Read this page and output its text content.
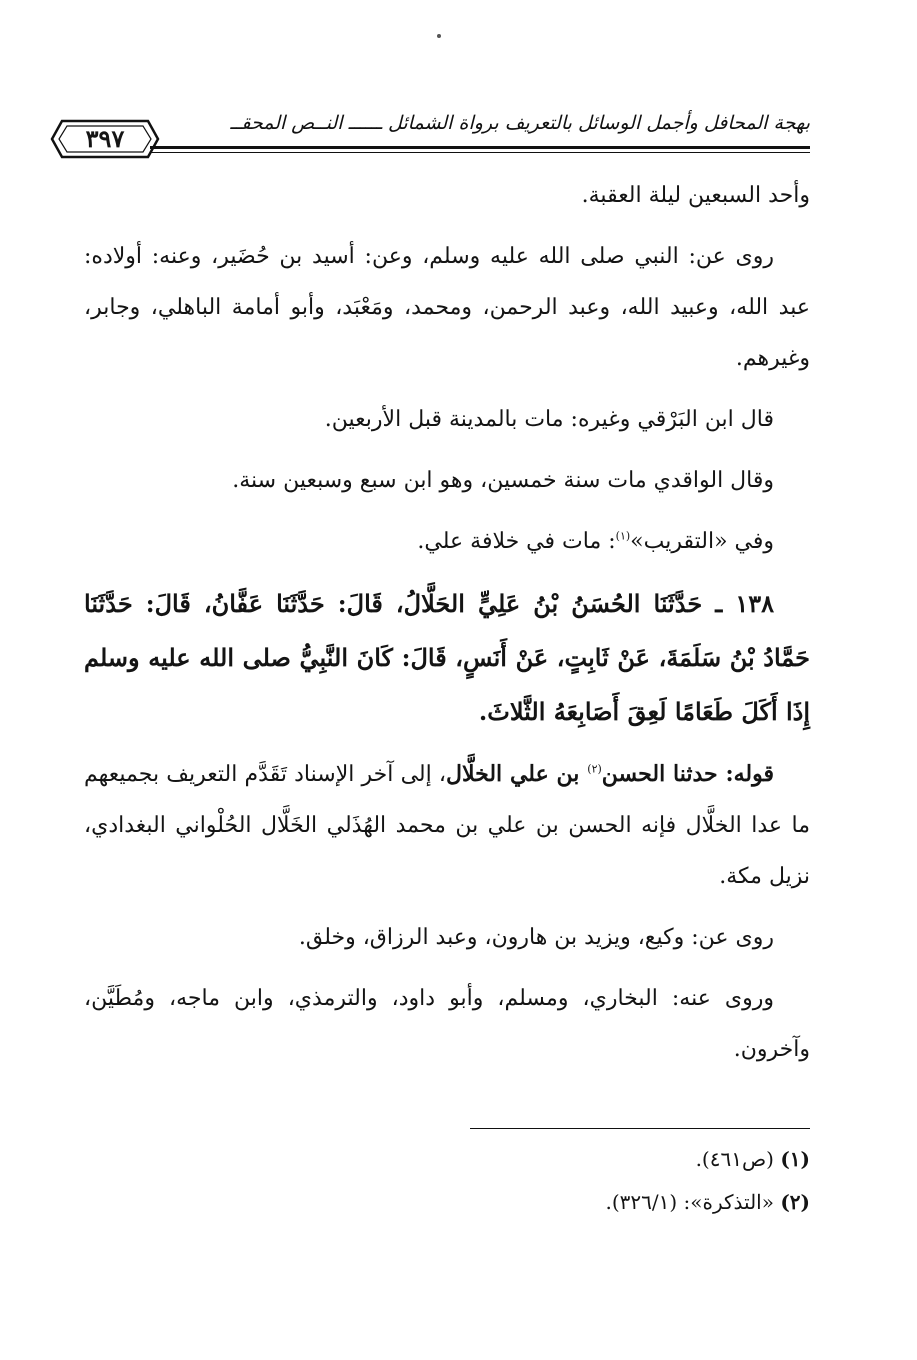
بهجة المحافل وأجمل الوسائل بالتعريف برواة الشمائل ــــــ النــص المحقــ
٣٩٧

وأحد السبعين ليلة العقبة.

روى عن: النبي صلى الله عليه وسلم، وعن: أسيد بن حُضَير، وعنه: أولاده: عبد الله، وعبيد الله، وعبد الرحمن، ومحمد، ومَعْبَد، وأبو أمامة الباهلي، وجابر، وغيرهم.

قال ابن البَرْقي وغيره: مات بالمدينة قبل الأربعين.

وقال الواقدي مات سنة خمسين، وهو ابن سبع وسبعين سنة.

وفي «التقريب»$^{(١)}$: مات في خلافة علي.

١٣٨ ـ حَدَّثَنَا الحُسَنُ بْنُ عَلِيٍّ الحَلَّالُ، قَالَ: حَدَّثَنَا عَفَّانُ، قَالَ: حَدَّثَنَا حَمَّادُ بْنُ سَلَمَةَ، عَنْ ثَابِتٍ، عَنْ أَنَسٍ، قَالَ: كَانَ النَّبِيُّ صلى الله عليه وسلم إِذَا أَكَلَ طَعَامًا لَعِقَ أَصَابِعَهُ الثَّلاثَ.

قوله: حدثنا الحسن$^{(٢)}$ بن علي الخلَّال، إلى آخر الإسناد تَقَدَّم التعريف بجميعهم ما عدا الخلَّال فإنه الحسن بن علي بن محمد الهُذَلي الخَلَّال الحُلْواني البغدادي، نزيل مكة.

روى عن: وكيع، ويزيد بن هارون، وعبد الرزاق، وخلق.

وروى عنه: البخاري، ومسلم، وأبو داود، والترمذي، وابن ماجه، ومُطَيَّن، وآخرون.

(١) (ص٤٦١).

(٢) «التذكرة»: (٣٢٦/١).
